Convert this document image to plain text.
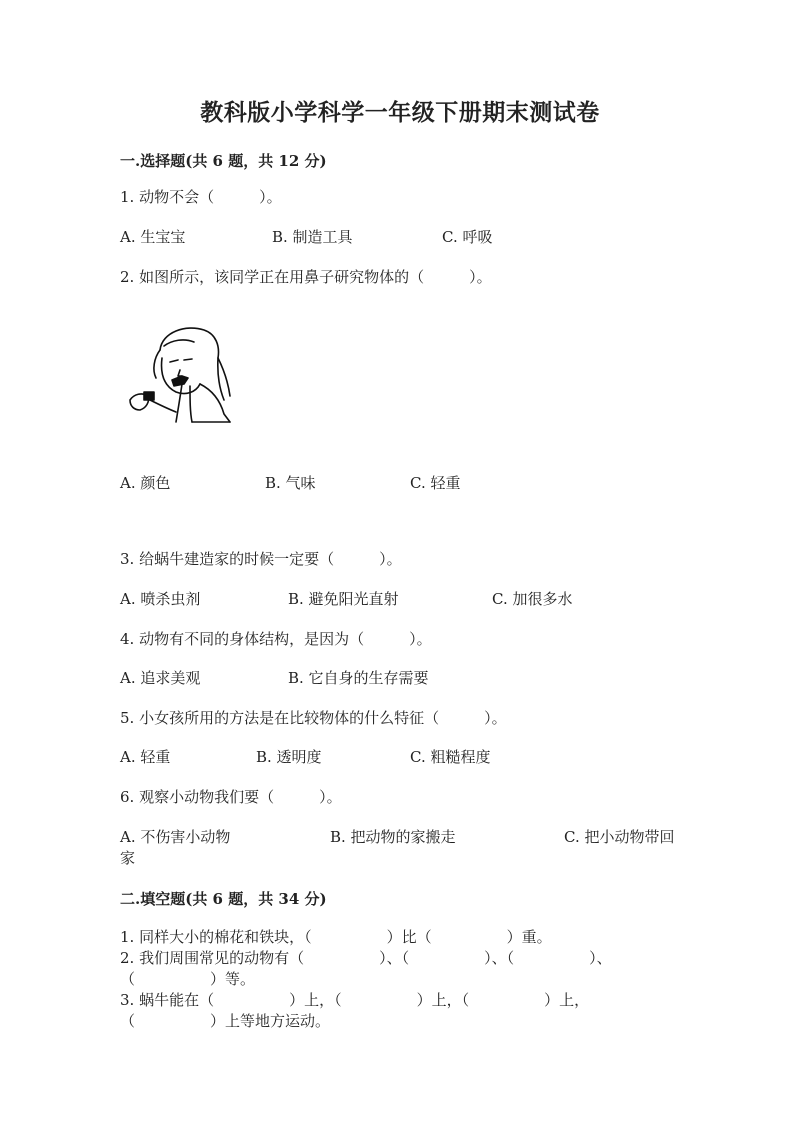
教科版小学科学一年级下册期末测试卷
一.选择题(共 6 题，共 12 分)
1. 动物不会（　　　）。
A. 生宝宝	B. 制造工具	C. 呼吸
2. 如图所示，该同学正在用鼻子研究物体的（　　　）。
A. 颜色	B. 气味	C. 轻重
3. 给蜗牛建造家的时候一定要（　　　）。
A. 喷杀虫剂	B. 避免阳光直射	C. 加很多水
4. 动物有不同的身体结构，是因为（　　　）。
A. 追求美观	B. 它自身的生存需要
5. 小女孩所用的方法是在比较物体的什么特征（　　　）。
A. 轻重	B. 透明度	C. 粗糙程度
6. 观察小动物我们要（　　　）。
A. 不伤害小动物	B. 把动物的家搬走	C. 把小动物带回
家
二.填空题(共 6 题，共 34 分)
1. 同样大小的棉花和铁块，（　　　　　）比（　　　　　）重。
2. 我们周围常见的动物有（　　　　　）、（　　　　　）、（　　　　　）、
（　　　　　）等。
3. 蜗牛能在（　　　　　）上，（　　　　　）上，（　　　　　）上，
（　　　　　）上等地方运动。
